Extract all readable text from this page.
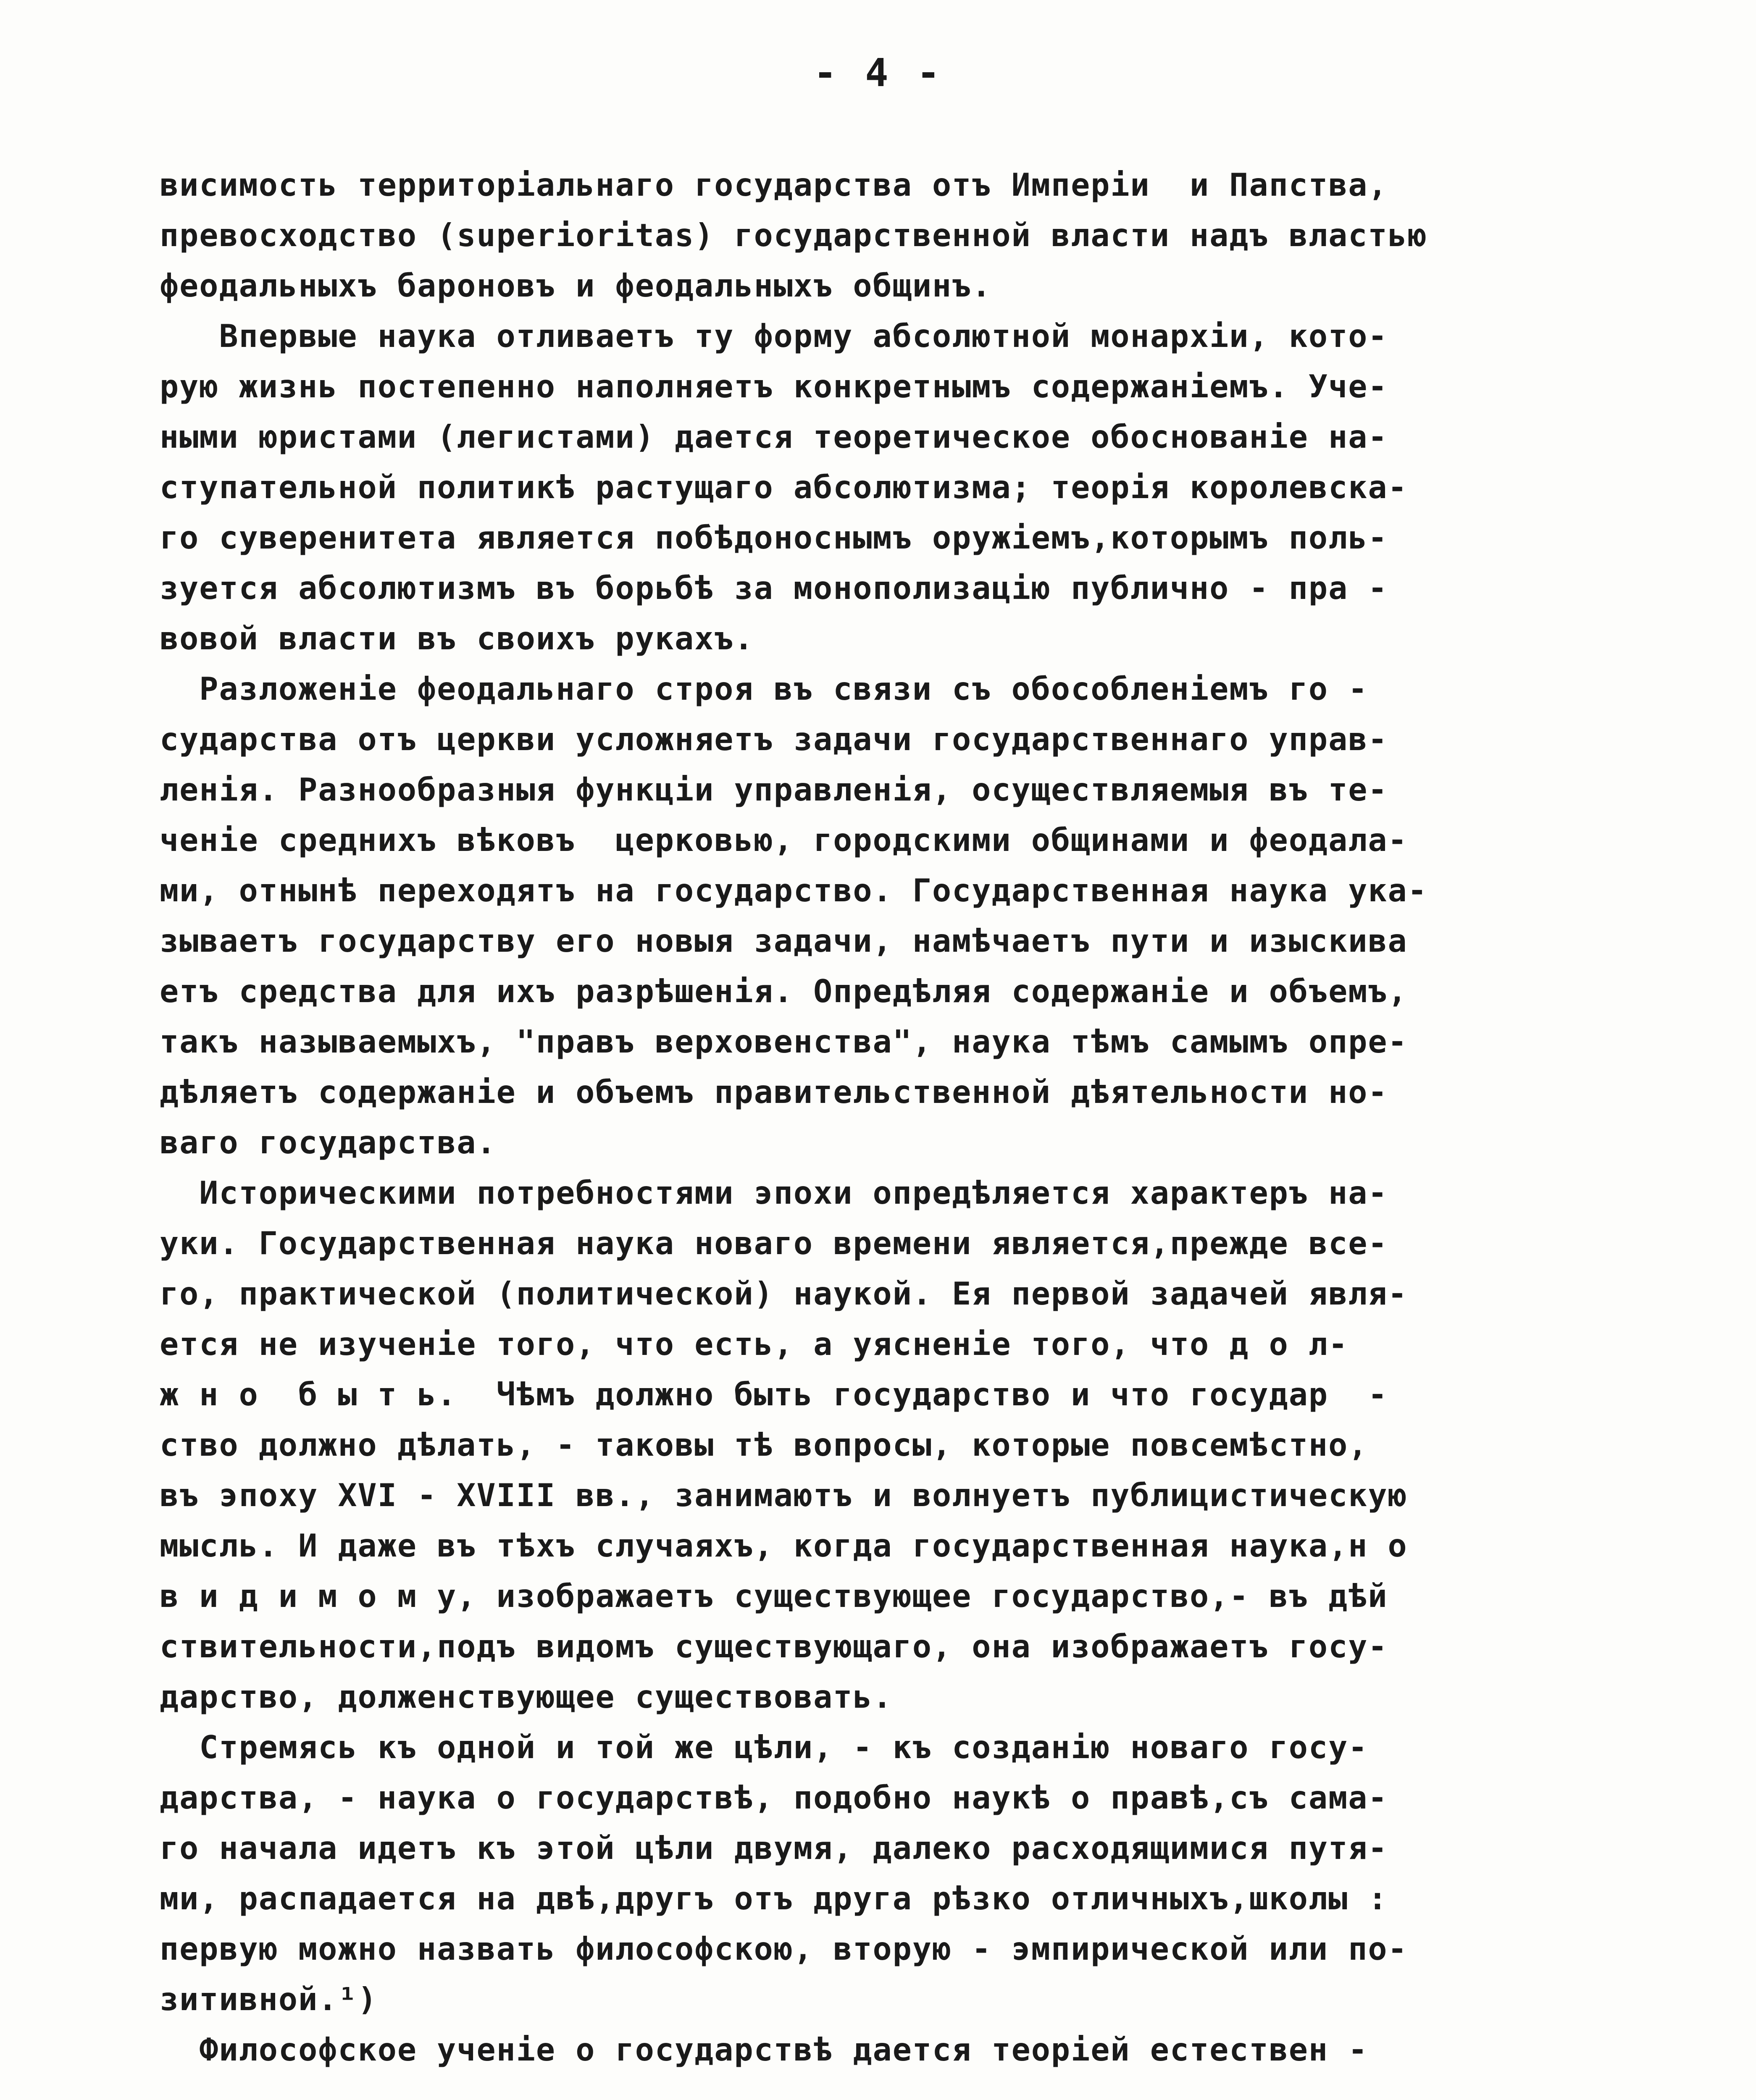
- 4 -
висимость территоріальнаго государства отъ Имперіи  и Папства,
превосходство (superioritas) государственной власти надъ властью
феодальныхъ бароновъ и феодальныхъ общинъ.
Впервые наука отливаетъ ту форму абсолютной монархіи, кото-
рую жизнь постепенно наполняетъ конкретнымъ содержаніемъ. Уче-
ными юристами (легистами) дается теоретическое обоснованіе на-
ступательной политикѣ растущаго абсолютизма; теорія королевска-
го суверенитета является побѣдоноснымъ оружіемъ,которымъ поль-
зуется абсолютизмъ въ борьбѣ за монополизацію публично - пра -
вовой власти въ своихъ рукахъ.
Разложеніе феодальнаго строя въ связи съ обособленіемъ го -
сударства отъ церкви усложняетъ задачи государственнаго управ-
ленія. Разнообразныя функціи управленія, осуществляемыя въ те-
ченіе среднихъ вѣковъ  церковью, городскими общинами и феодала-
ми, отнынѣ переходятъ на государство. Государственная наука ука-
зываетъ государству его новыя задачи, намѣчаетъ пути и изыскива
етъ средства для ихъ разрѣшенія. Опредѣляя содержаніе и объемъ,
такъ называемыхъ, "правъ верховенства", наука тѣмъ самымъ опре-
дѣляетъ содержаніе и объемъ правительственной дѣятельности но-
ваго государства.
Историческими потребностями эпохи опредѣляется характеръ на-
уки. Государственная наука новаго времени является,прежде все-
го, практической (политической) наукой. Ея первой задачей явля-
ется не изученіе того, что есть, а уясненіе того, что д о л-
ж н о  б ы т ь.  Чѣмъ должно быть государство и что государ  -
ство должно дѣлать, - таковы тѣ вопросы, которые повсемѣстно,
въ эпоху XVI - XVIII вв., занимаютъ и волнуетъ публицистическую
мысль. И даже въ тѣхъ случаяхъ, когда государственная наука,н о
в и д и м о м у, изображаетъ существующее государство,- въ дѣй
ствительности,подъ видомъ существующаго, она изображаетъ госу-
дарство, долженствующее существовать.
Стремясь къ одной и той же цѣли, - къ созданію новаго госу-
дарства, - наука о государствѣ, подобно наукѣ о правѣ,съ сама-
го начала идетъ къ этой цѣли двумя, далеко расходящимися путя-
ми, распадается на двѣ,другъ отъ друга рѣзко отличныхъ,школы :
первую можно назвать философскою, вторую - эмпирической или по-
зитивной.¹)
Философское ученіе о государствѣ дается теоріей естествен -
